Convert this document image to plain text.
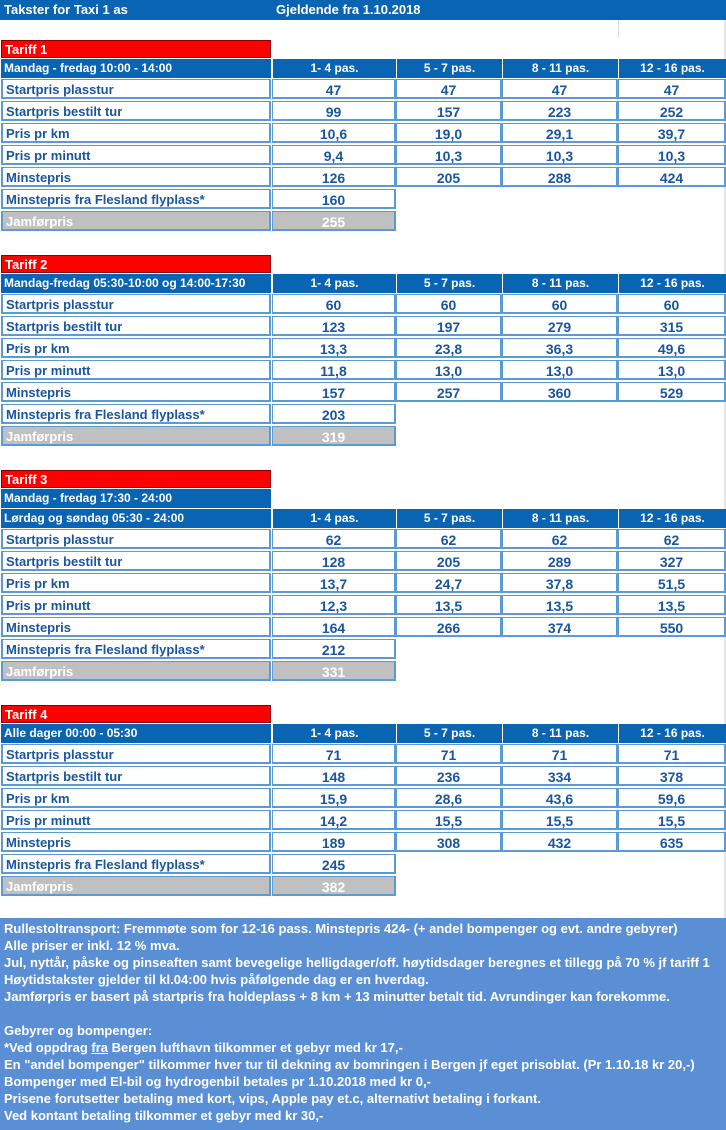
Takster for Taxi 1 as	Gjeldende fra 1.10.2018
Tariff 1
Mandag - fredag 10:00 - 14:00	1- 4 pas.	5 - 7 pas.	8 - 11 pas.	12 - 16 pas.
Startpris plasstur	47	47	47	47
Startpris bestilt tur	99	157	223	252
Pris pr km	10,6	19,0	29,1	39,7
Pris pr minutt	9,4	10,3	10,3	10,3
Minstepris	126	205	288	424
Minstepris fra Flesland flyplass*	160
Jamførpris	255
Tariff 2
Mandag-fredag 05:30-10:00 og 14:00-17:30	1- 4 pas.	5 - 7 pas.	8 - 11 pas.	12 - 16 pas.
Startpris plasstur	60	60	60	60
Startpris bestilt tur	123	197	279	315
Pris pr km	13,3	23,8	36,3	49,6
Pris pr minutt	11,8	13,0	13,0	13,0
Minstepris	157	257	360	529
Minstepris fra Flesland flyplass*	203
Jamførpris	319
Tariff 3
Mandag - fredag 17:30 - 24:00
Lørdag og søndag 05:30 - 24:00	1- 4 pas.	5 - 7 pas.	8 - 11 pas.	12 - 16 pas.
Startpris plasstur	62	62	62	62
Startpris bestilt tur	128	205	289	327
Pris pr km	13,7	24,7	37,8	51,5
Pris pr minutt	12,3	13,5	13,5	13,5
Minstepris	164	266	374	550
Minstepris fra Flesland flyplass*	212
Jamførpris	331
Tariff 4
Alle dager 00:00 - 05:30	1- 4 pas.	5 - 7 pas.	8 - 11 pas.	12 - 16 pas.
Startpris plasstur	71	71	71	71
Startpris bestilt tur	148	236	334	378
Pris pr km	15,9	28,6	43,6	59,6
Pris pr minutt	14,2	15,5	15,5	15,5
Minstepris	189	308	432	635
Minstepris fra Flesland flyplass*	245
Jamførpris	382
Rullestoltransport: Fremmøte som for 12-16 pass. Minstepris 424- (+ andel bompenger og evt. andre gebyrer)
Alle priser er inkl. 12 % mva.
Jul, nyttår, påske og pinseaften samt bevegelige helligdager/off. høytidsdager beregnes et tillegg på 70 % jf tariff 1
Høytidstakster gjelder til kl.04:00 hvis påfølgende dag er en hverdag.
Jamførpris er basert på startpris fra holdeplass + 8 km + 13 minutter betalt tid. Avrundinger kan forekomme.
Gebyrer og bompenger:
*Ved oppdrag fra Bergen lufthavn tilkommer et gebyr med kr 17,-
En "andel bompenger" tilkommer hver tur til dekning av bomringen i Bergen jf eget prisoblat. (Pr 1.10.18 kr 20,-)
Bompenger med El-bil og hydrogenbil betales pr 1.10.2018 med kr 0,-
Prisene forutsetter betaling med kort, vips, Apple pay et.c, alternativt betaling i forkant.
Ved kontant betaling tilkommer et gebyr med kr 30,-
